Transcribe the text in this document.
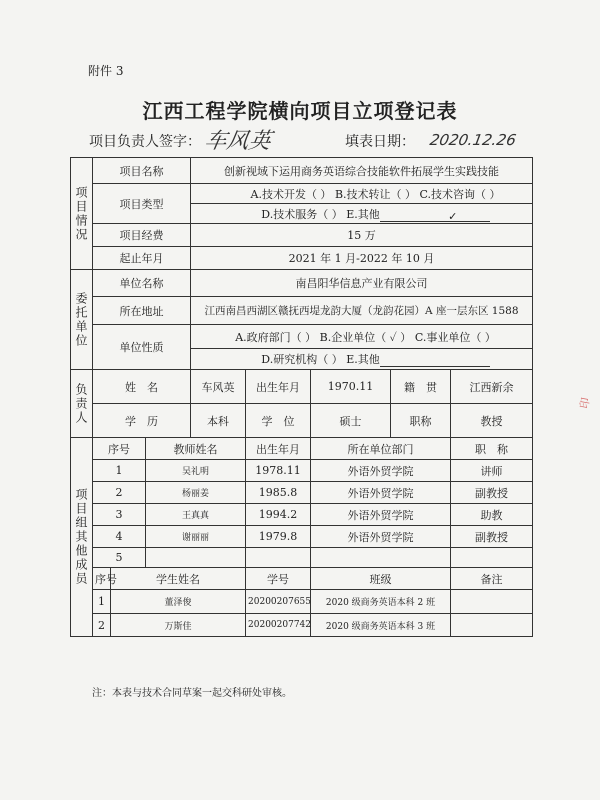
附件 3
江西工程学院横向项目立项登记表
项目负责人签字： 车风英	填表日期： 2020.12.26
印
项目情况	项目名称			创新视域下运用商务英语综合技能软件拓展学生实践技能				
	项目类型			A.技术开发（ ） B.技术转让（ ） C.技术咨询（ ）				
				D.技术服务（ ） E.其他 ✓				
	项目经费			15 万				
	起止年月			2021 年 1 月-2022 年 10 月				
委托单位	单位名称			南昌阳华信息产业有限公司				
	所在地址			江西南昌西湖区赣抚西堤龙韵大厦（龙韵花园）A 座一层东区 1588				
	单位性质			A.政府部门（ ） B.企业单位（ ✓ ） C.事业单位（ ）				
				D.研究机构（ ） E.其他				
负责人	姓　名			车风英	出生年月	1970.11	籍　贯	江西新余
	学　历			本科	学　位	硕士	职称	教授
项目组其他成员	序号		教师姓名		出生年月	所在单位部门		职　称
	1		吴礼明		1978.11	外语外贸学院		讲师
	2		杨丽姜		1985.8	外语外贸学院		副教授
	3		王真真		1994.2	外语外贸学院		助教
	4		谢丽丽		1979.8	外语外贸学院		副教授
	5							
	序号	学生姓名			学号	班级		备注
	1	董泽俊			20200207655	2020 级商务英语本科 2 班		

	2	万斯佳			20200207742	2020 级商务英语本科 3 班		
注：本表与技术合同草案一起交科研处审核。
